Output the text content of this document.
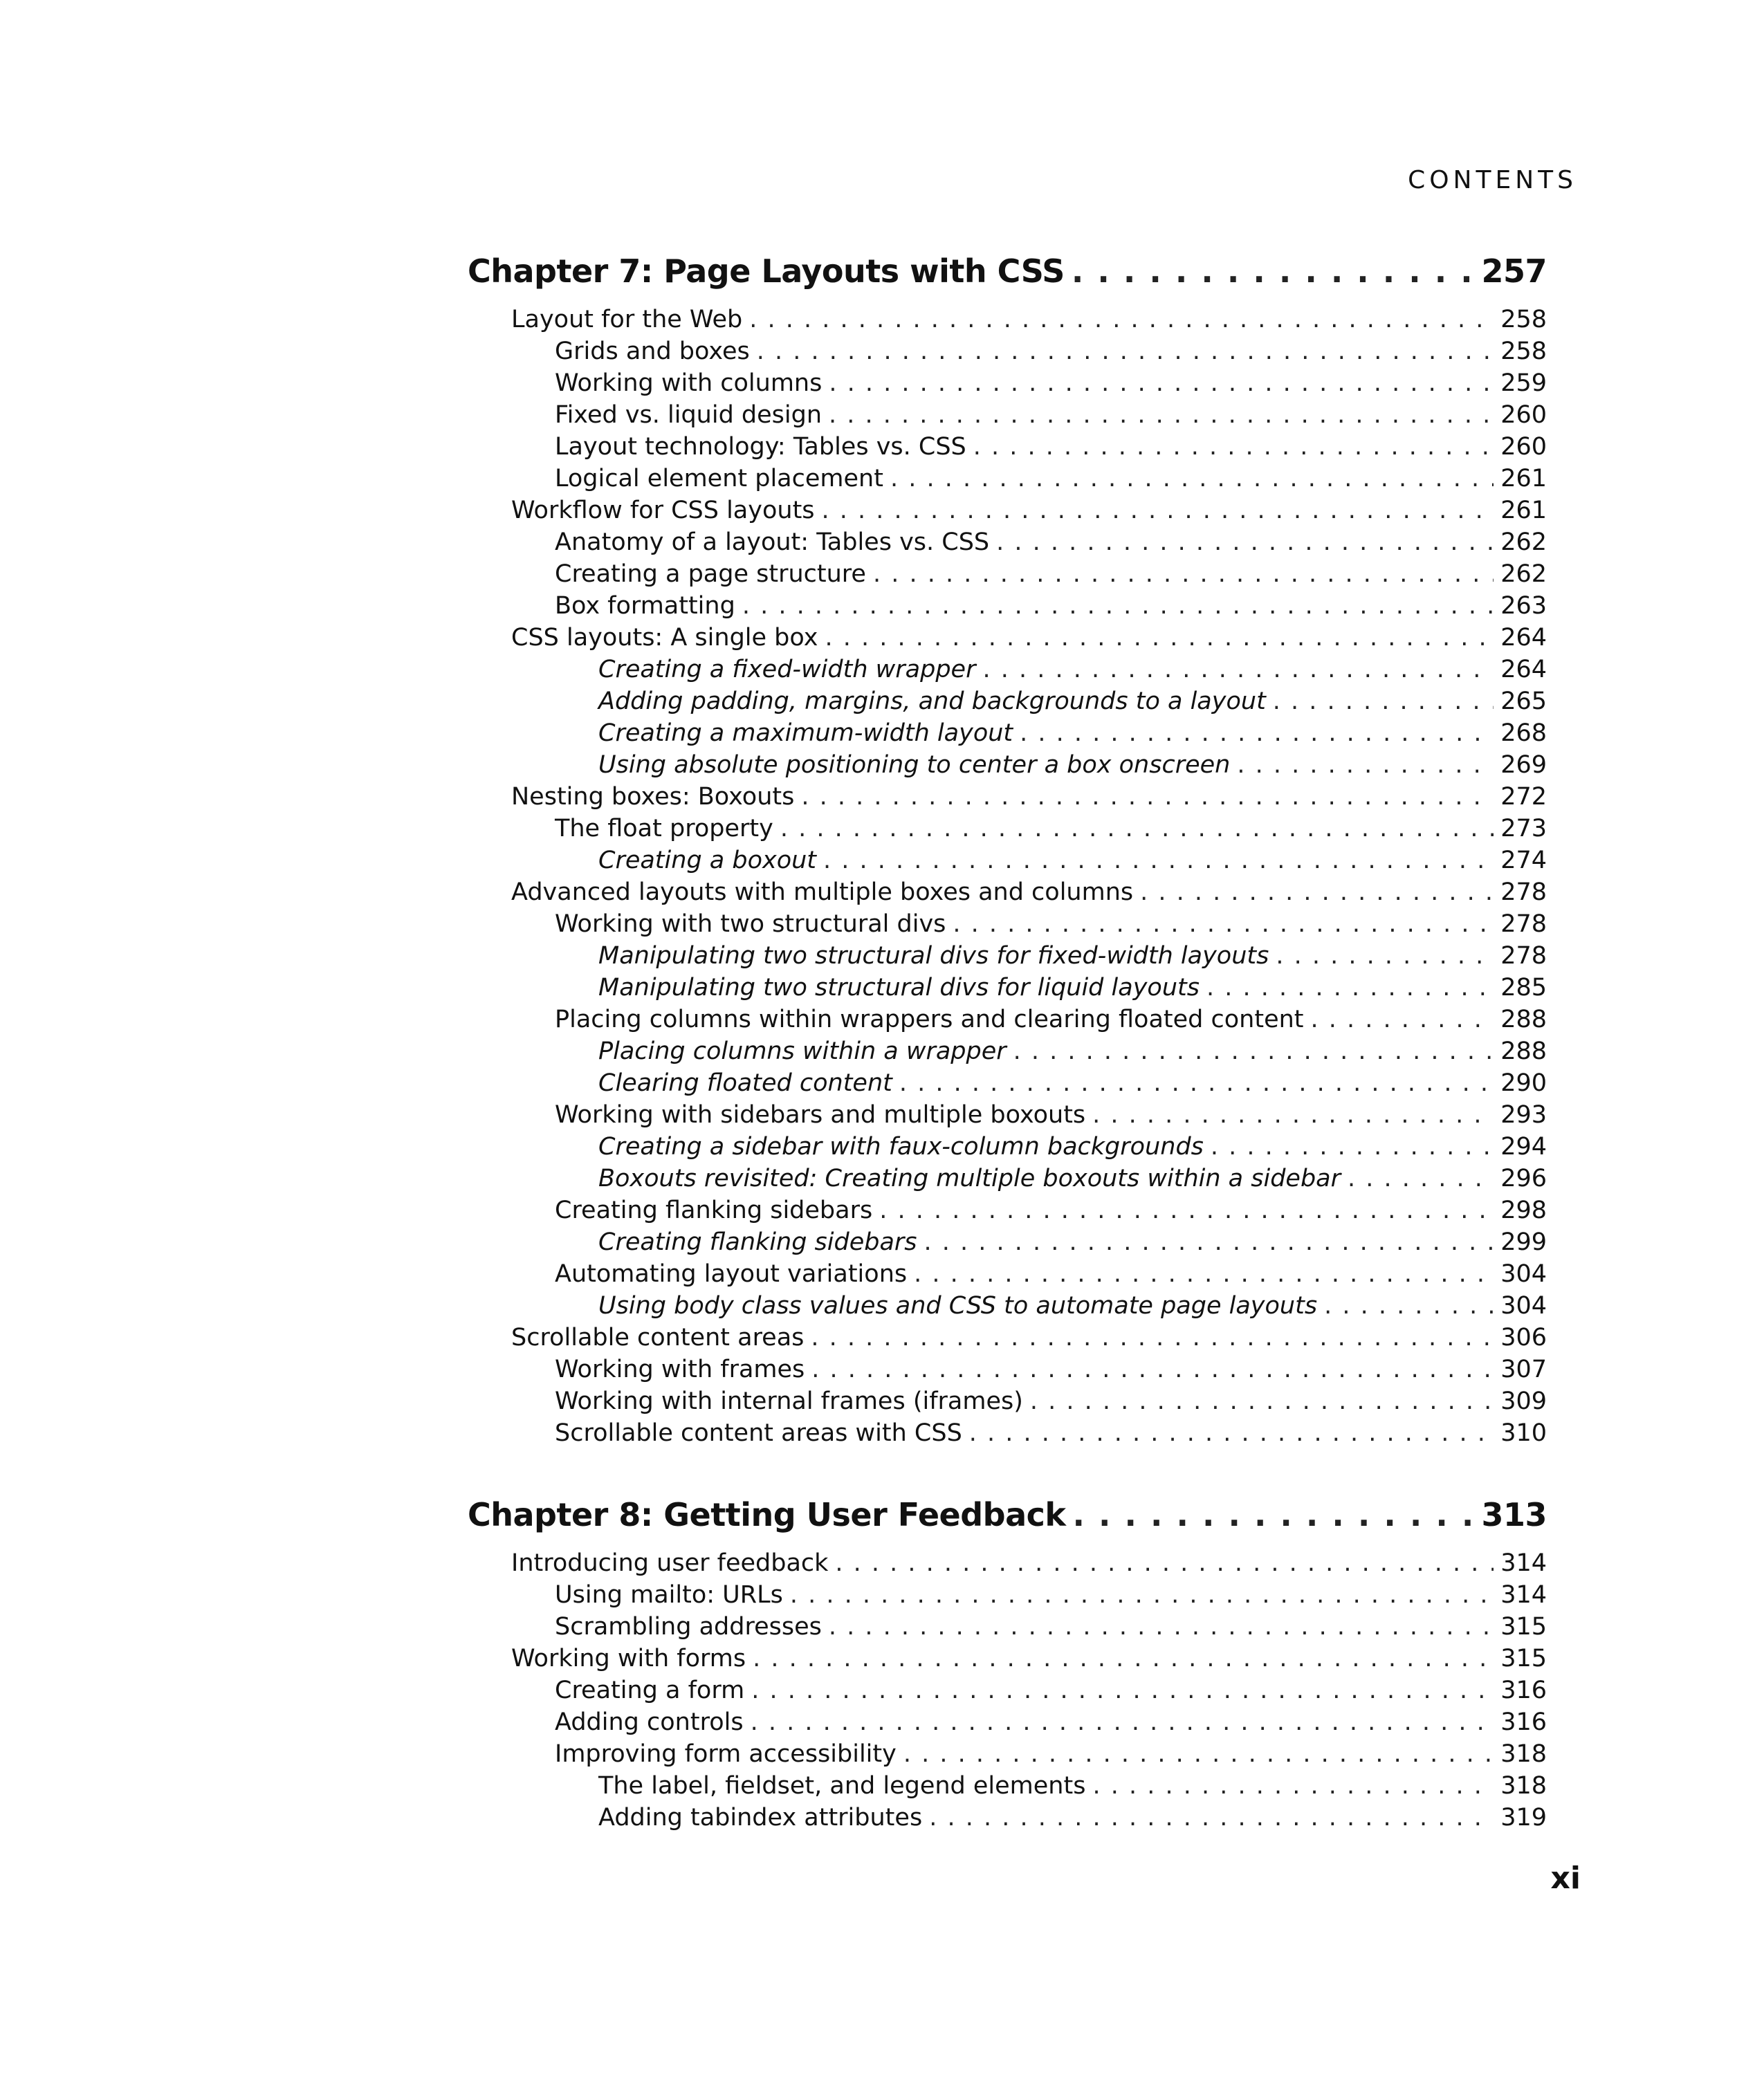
CONTENTS
Chapter 7: Page Layouts with CSS . . .	257
Layout for the Web . . .	258
Grids and boxes . . .	258
Working with columns . . .	259
Fixed vs. liquid design . . .	260
Layout technology: Tables vs. CSS . . .	260
Logical element placement . . .	261
Workflow for CSS layouts . . .	261
Anatomy of a layout: Tables vs. CSS . . .	262
Creating a page structure . . .	262
Box formatting . . .	263
CSS layouts: A single box . . .	264
Creating a fixed-width wrapper . . .	264
Adding padding, margins, and backgrounds to a layout . . .	265
Creating a maximum-width layout . . .	268
Using absolute positioning to center a box onscreen . . .	269
Nesting boxes: Boxouts . . .	272
The float property . . .	273
Creating a boxout . . .	274
Advanced layouts with multiple boxes and columns . . .	278
Working with two structural divs . . .	278
Manipulating two structural divs for fixed-width layouts . . .	278
Manipulating two structural divs for liquid layouts . . .	285
Placing columns within wrappers and clearing floated content . . .	288
Placing columns within a wrapper . . .	288
Clearing floated content . . .	290
Working with sidebars and multiple boxouts . . .	293
Creating a sidebar with faux-column backgrounds . . .	294
Boxouts revisited: Creating multiple boxouts within a sidebar . . .	296
Creating flanking sidebars . . .	298
Creating flanking sidebars . . .	299
Automating layout variations . . .	304
Using body class values and CSS to automate page layouts . . .	304
Scrollable content areas . . .	306
Working with frames . . .	307
Working with internal frames (iframes) . . .	309
Scrollable content areas with CSS . . .	310
Chapter 8: Getting User Feedback . . .	313
Introducing user feedback . . .	314
Using mailto: URLs . . .	314
Scrambling addresses . . .	315
Working with forms . . .	315
Creating a form . . .	316
Adding controls . . .	316
Improving form accessibility . . .	318
The label, fieldset, and legend elements . . .	318
Adding tabindex attributes . . .	319
xi
